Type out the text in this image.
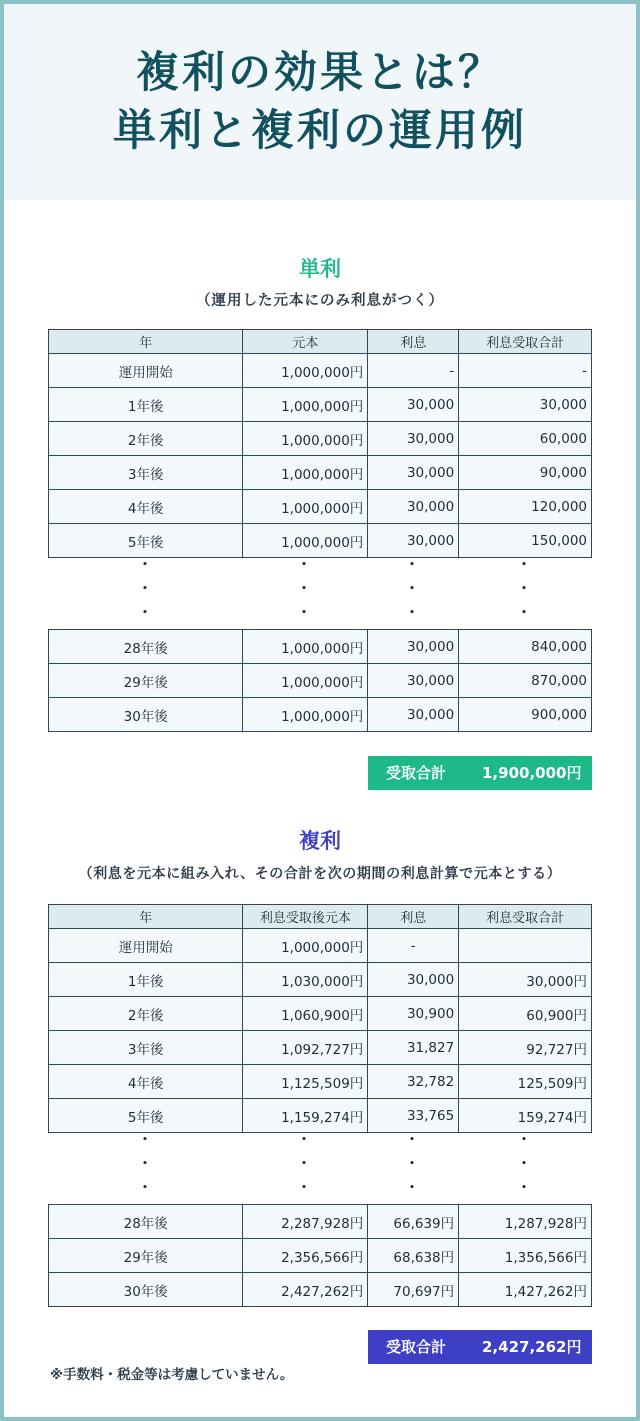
複利の効果とは？
単利と複利の運用例
単利
（運用した元本にのみ利息がつく）
年	元本	利息	利息受取合計
運用開始	1,000,000円	-	-
1年後	1,000,000円	30,000	30,000
2年後	1,000,000円	30,000	60,000
3年後	1,000,000円	30,000	90,000
4年後	1,000,000円	30,000	120,000
5年後	1,000,000円	30,000	150,000
•
•
•
•
•
•
•
•
•
•
•
•
28年後	1,000,000円	30,000	840,000
29年後	1,000,000円	30,000	870,000
30年後	1,000,000円	30,000	900,000
受取合計 1,900,000円
複利
（利息を元本に組み入れ、その合計を次の期間の利息計算で元本とする）
年	利息受取後元本	利息	利息受取合計
運用開始	1,000,000円	-	
1年後	1,030,000円	30,000	30,000円
2年後	1,060,900円	30,900	60,900円
3年後	1,092,727円	31,827	92,727円
4年後	1,125,509円	32,782	125,509円
5年後	1,159,274円	33,765	159,274円
•
•
•
•
•
•
•
•
•
•
•
•
28年後	2,287,928円	66,639円	1,287,928円
29年後	2,356,566円	68,638円	1,356,566円
30年後	2,427,262円	70,697円	1,427,262円
受取合計 2,427,262円
※手数料・税金等は考慮していません。
